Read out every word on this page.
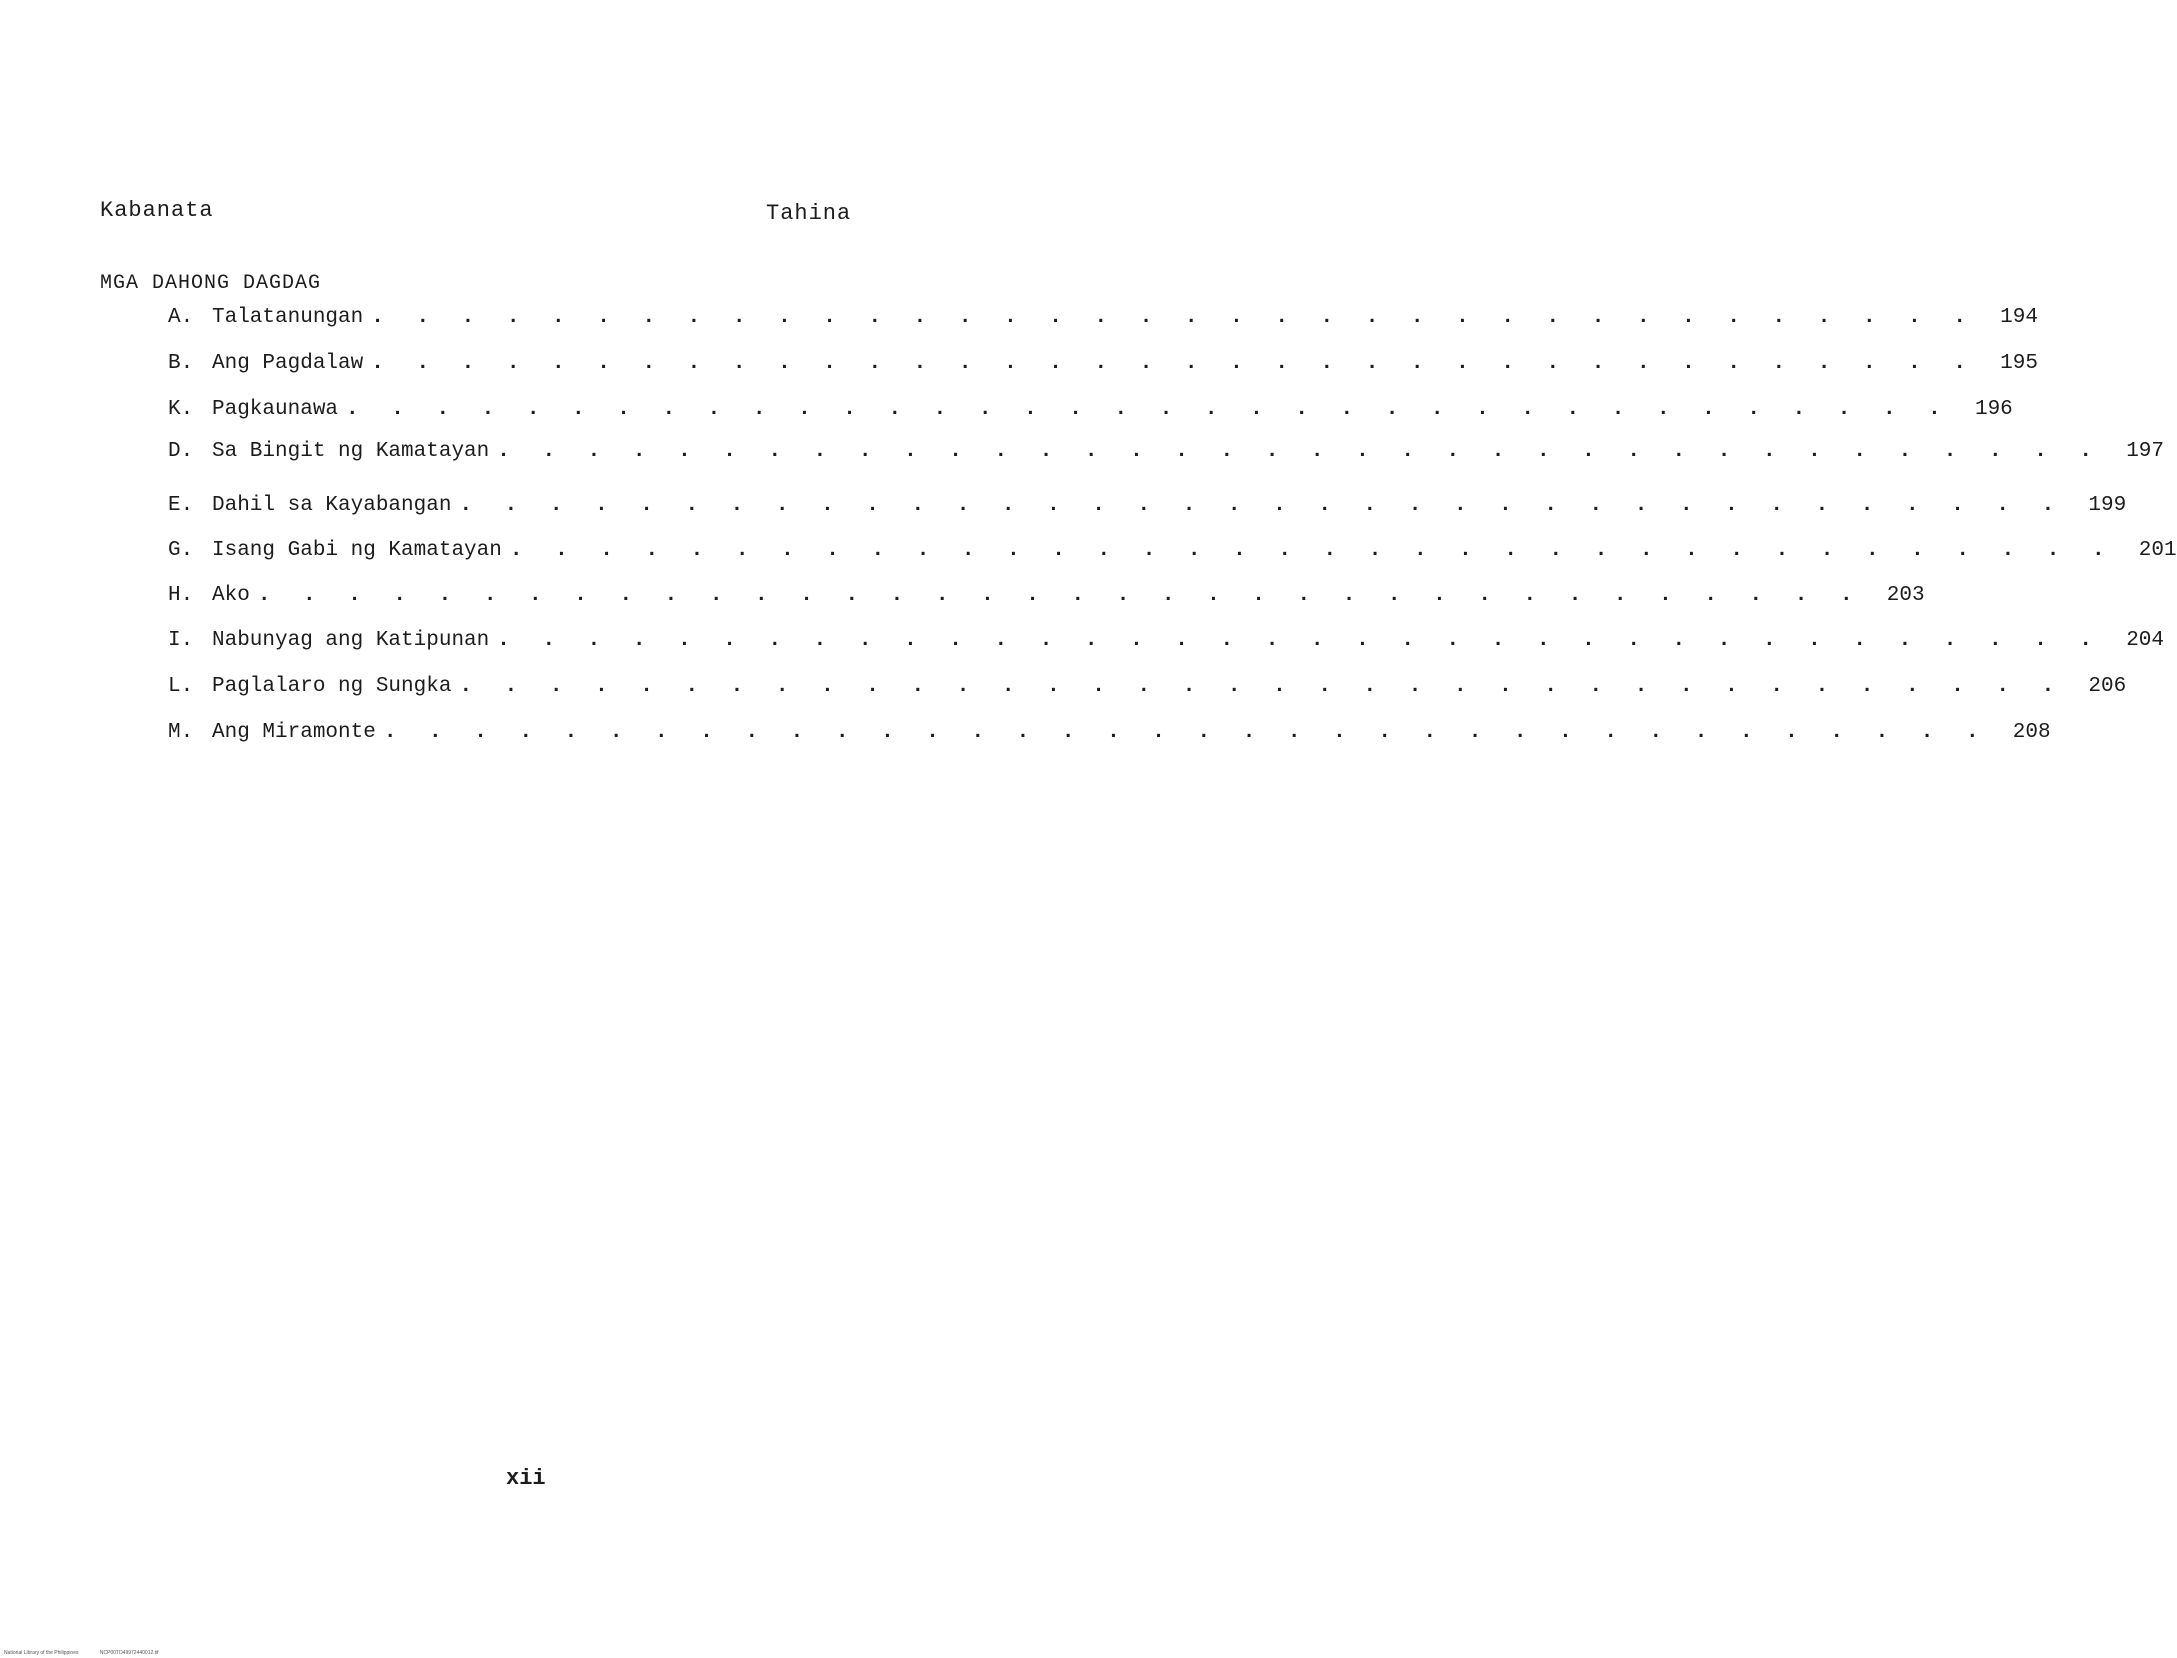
Kabanata	Tahina
MGA DAHONG DAGDAG
A. Talatanungan . . . . . . . . . . . . . . . . . . . . . . . . . . . . . . . . . . . .	194
B. Ang Pagdalaw . . . . . . . . . . . . . . . . . . . . . . . . . . . . . . . . . . . .	195
K. Pagkaunawa . . . . . . . . . . . . . . . . . . . . . . . . . . . . . . . . . . . .	196
D. Sa Bingit ng Kamatayan . . . . . . . . . . . . . . . . . . . . . . . . . . . . . . . . . . . .	197
E. Dahil sa Kayabangan . . . . . . . . . . . . . . . . . . . . . . . . . . . . . . . . . . . .	199
G. Isang Gabi ng Kamatayan . . . . . . . . . . . . . . . . . . . . . . . . . . . . . . . . . . . .	201
H. Ako . . . . . . . . . . . . . . . . . . . . . . . . . . . . . . . . . . . .	203
I. Nabunyag ang Katipunan . . . . . . . . . . . . . . . . . . . . . . . . . . . . . . . . . . . .	204
L. Paglalaro ng Sungka . . . . . . . . . . . . . . . . . . . . . . . . . . . . . . . . . . . .	206
M. Ang Miramonte . . . . . . . . . . . . . . . . . . . . . . . . . . . . . . . . . . . .	208
xii
National Library of the Philippines	NCP00TD49972440012.tif
